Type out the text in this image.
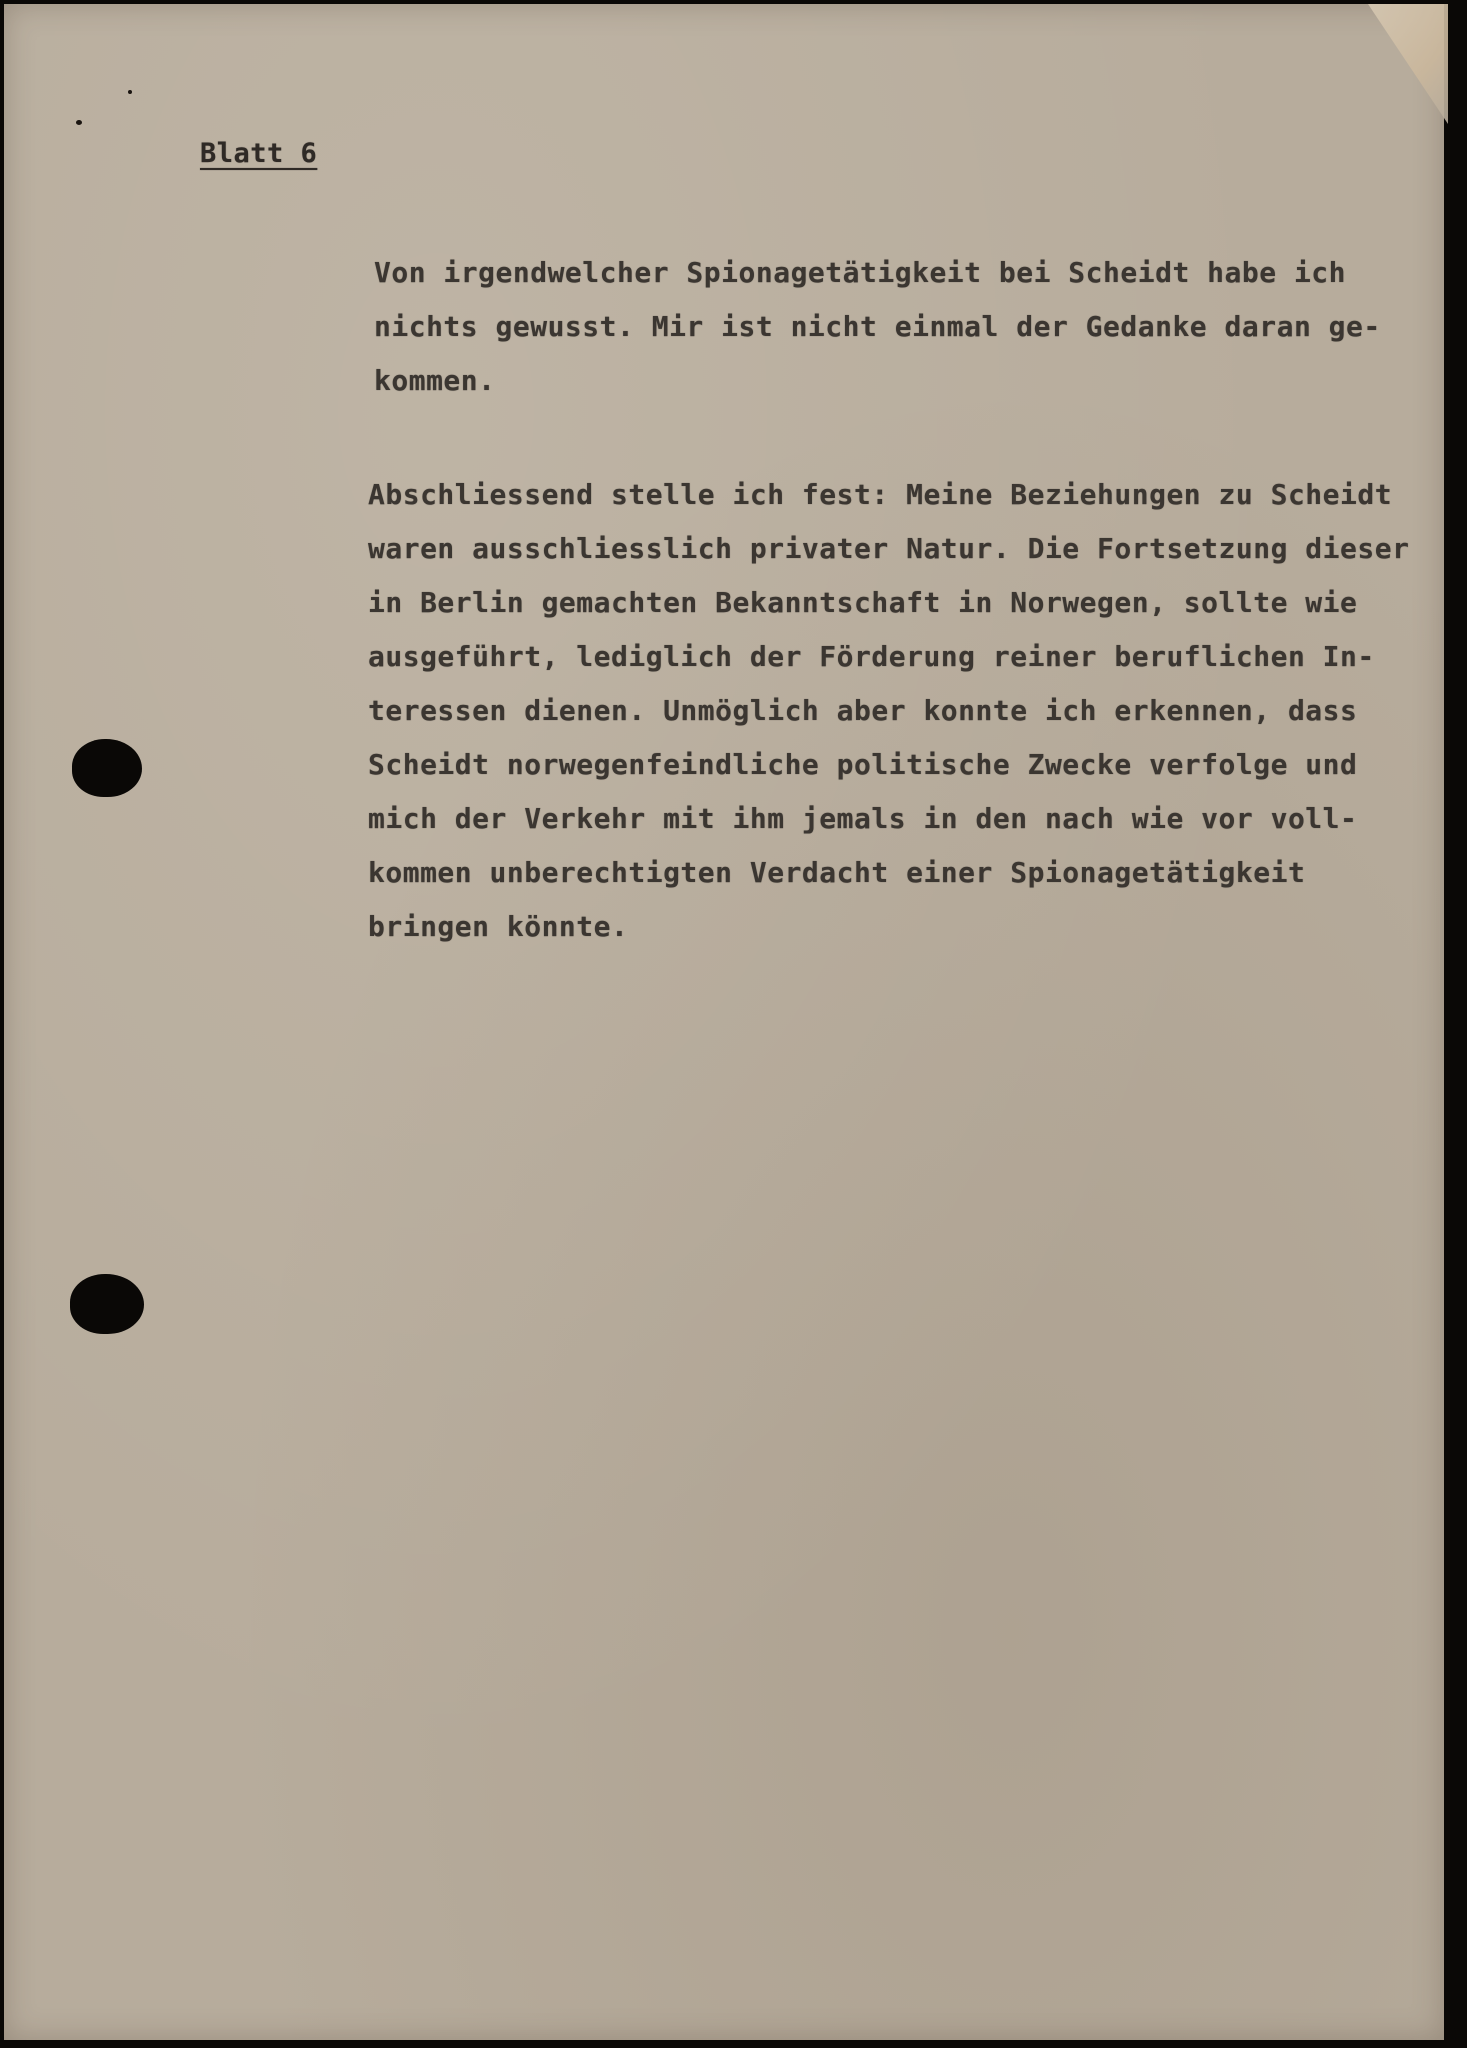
Blatt 6
Von irgendwelcher Spionagetätigkeit bei Scheidt habe ich
nichts gewusst. Mir ist nicht einmal der Gedanke daran ge-
kommen.
Abschliessend stelle ich fest: Meine Beziehungen zu Scheidt
waren ausschliesslich privater Natur. Die Fortsetzung dieser
in Berlin gemachten Bekanntschaft in Norwegen, sollte wie
ausgeführt, lediglich der Förderung reiner beruflichen In-
teressen dienen. Unmöglich aber konnte ich erkennen, dass
Scheidt norwegenfeindliche politische Zwecke verfolge und
mich der Verkehr mit ihm jemals in den nach wie vor voll-
kommen unberechtigten Verdacht einer Spionagetätigkeit
bringen könnte.
